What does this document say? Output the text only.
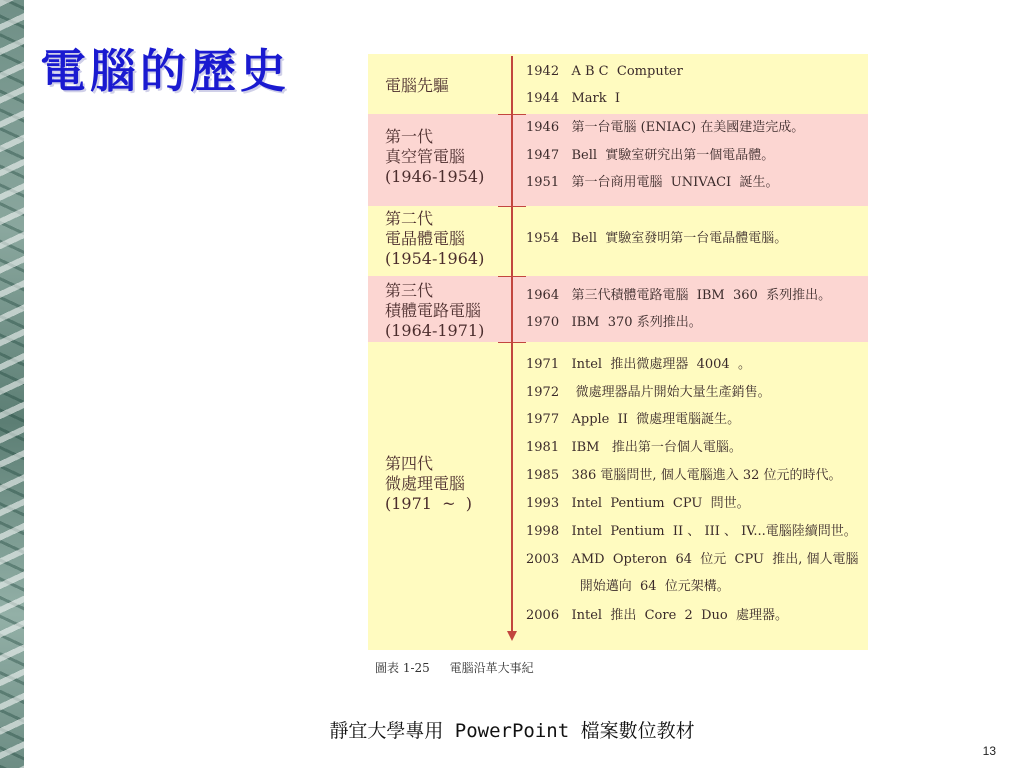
電腦的歷史	電腦先驅
第一代
真空管電腦
(1946-1954)
第二代
電晶體電腦
(1954-1964)
第三代
積體電路電腦
(1964-1971)
第四代
微處理電腦
(1971  ~  )
1942   A B C  Computer
1944   Mark  I
1946   第一台電腦 (ENIAC) 在美國建造完成。
1947   Bell  實驗室研究出第一個電晶體。
1951   第一台商用電腦  UNIVACI  誕生。
1954   Bell  實驗室發明第一台電晶體電腦。
1964   第三代積體電路電腦  IBM  360  系列推出。
1970   IBM  370 系列推出。
1971   Intel  推出微處理器  4004  。
1972    微處理器晶片開始大量生產銷售。
1977   Apple  II  微處理電腦誕生。
1981   IBM   推出第一台個人電腦。
1985   386 電腦問世, 個人電腦進入 32 位元的時代。
1993   Intel  Pentium  CPU  問世。
1998   Intel  Pentium  II 、 III 、 IV...電腦陸續問世。
2003   AMD  Opteron  64  位元  CPU  推出, 個人電腦
開始邁向  64  位元架構。
2006   Intel  推出  Core  2  Duo  處理器。
圖表 1-25 電腦沿革大事紀
靜宜大學專用 PowerPoint 檔案數位教材
13
